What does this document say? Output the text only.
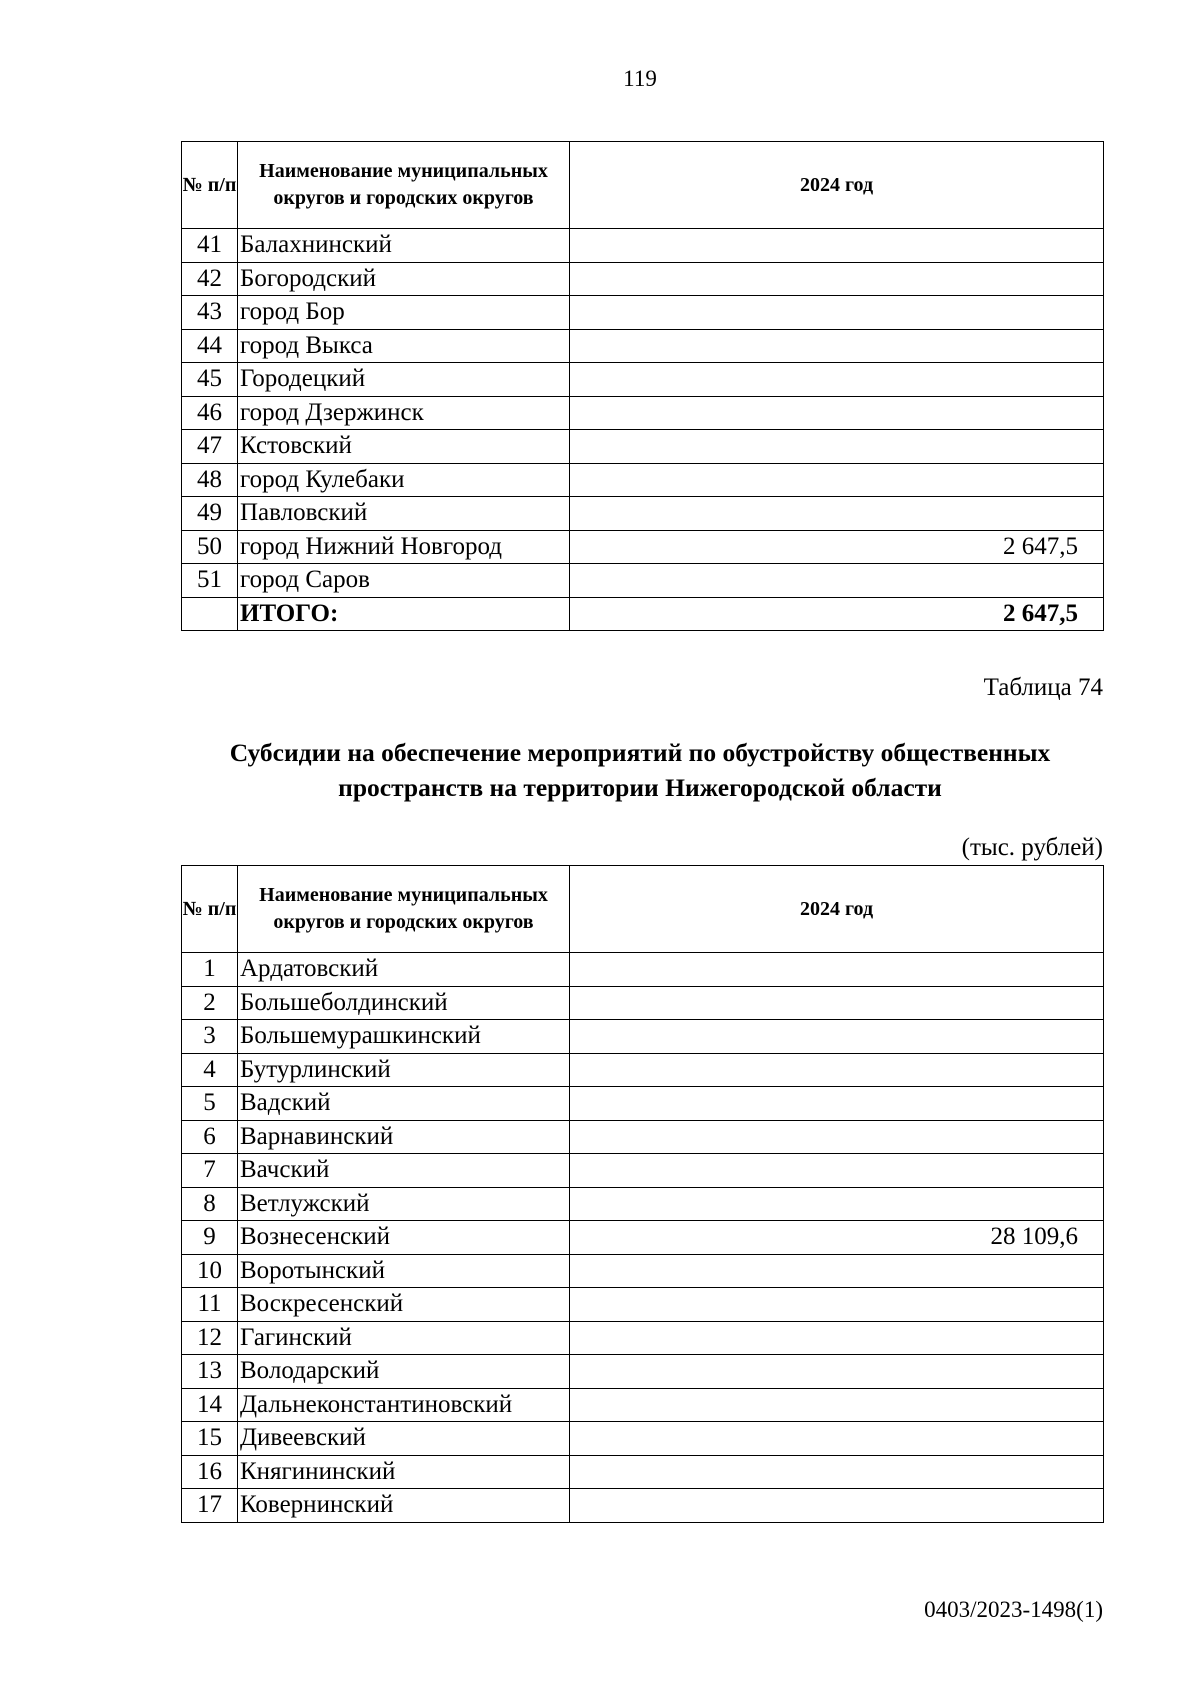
119
№ п/п	Наименование муниципальных округов и городских округов	2024 год
41	Балахнинский	
42	Богородский	
43	город Бор	
44	город Выкса	
45	Городецкий	
46	город Дзержинск	
47	Кстовский	
48	город Кулебаки	
49	Павловский	
50	город Нижний Новгород	2 647,5
51	город Саров	
	ИТОГО:	2 647,5
Таблица 74
Субсидии на обеспечение мероприятий по обустройству общественных
пространств на территории Нижегородской области
(тыс. рублей)
№ п/п	Наименование муниципальных округов и городских округов	2024 год
1	Ардатовский	
2	Большеболдинский	
3	Большемурашкинский	
4	Бутурлинский	
5	Вадский	
6	Варнавинский	
7	Вачский	
8	Ветлужский	
9	Вознесенский	28 109,6
10	Воротынский	
11	Воскресенский	
12	Гагинский	
13	Володарский	
14	Дальнеконстантиновский	
15	Дивеевский	
16	Княгининский	
17	Ковернинский	
0403/2023-1498(1)
